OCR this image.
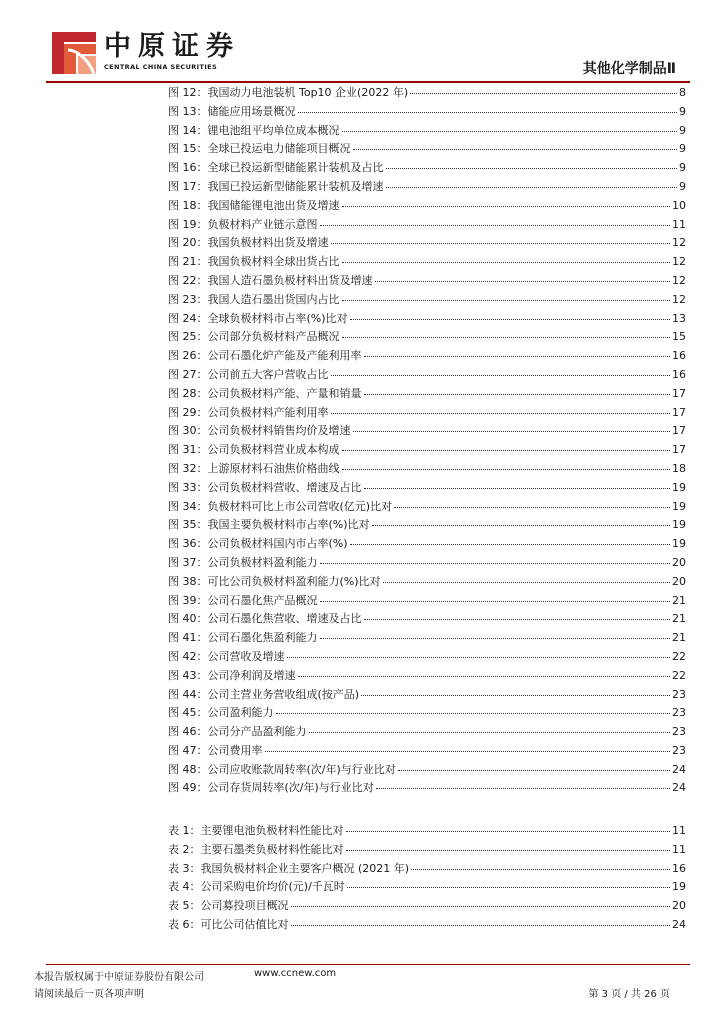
中原证券
CENTRAL CHINA SECURITIES	其他化学制品Ⅱ
图 12：我国动力电池装机 Top10 企业(2022 年)	8
图 13：储能应用场景概况	9
图 14：锂电池组平均单位成本概况	9
图 15：全球已投运电力储能项目概况	9
图 16：全球已投运新型储能累计装机及占比	9
图 17：我国已投运新型储能累计装机及增速	9
图 18：我国储能锂电池出货及增速	10
图 19：负极材料产业链示意图	11
图 20：我国负极材料出货及增速	12
图 21：我国负极材料全球出货占比	12
图 22：我国人造石墨负极材料出货及增速	12
图 23：我国人造石墨出货国内占比	12
图 24：全球负极材料市占率(%)比对	13
图 25：公司部分负极材料产品概况	15
图 26：公司石墨化炉产能及产能利用率	16
图 27：公司前五大客户营收占比	16
图 28：公司负极材料产能、产量和销量	17
图 29：公司负极材料产能利用率	17
图 30：公司负极材料销售均价及增速	17
图 31：公司负极材料营业成本构成	17
图 32：上游原材料石油焦价格曲线	18
图 33：公司负极材料营收、增速及占比	19
图 34：负极材料可比上市公司营收(亿元)比对	19
图 35：我国主要负极材料市占率(%)比对	19
图 36：公司负极材料国内市占率(%)	19
图 37：公司负极材料盈利能力	20
图 38：可比公司负极材料盈利能力(%)比对	20
图 39：公司石墨化焦产品概况	21
图 40：公司石墨化焦营收、增速及占比	21
图 41：公司石墨化焦盈利能力	21
图 42：公司营收及增速	22
图 43：公司净利润及增速	22
图 44：公司主营业务营收组成(按产品)	23
图 45：公司盈利能力	23
图 46：公司分产品盈利能力	23
图 47：公司费用率	23
图 48：公司应收账款周转率(次/年)与行业比对	24
图 49：公司存货周转率(次/年)与行业比对	24
表 1：主要锂电池负极材料性能比对	11
表 2：主要石墨类负极材料性能比对	11
表 3：我国负极材料企业主要客户概况 (2021 年)	16
表 4：公司采购电价均价(元)/千瓦时	19
表 5：公司募投项目概况	20
表 6：可比公司估值比对	24
本报告版权属于中原证券股份有限公司
请阅读最后一页各项声明
www.ccnew.com
第 3 页 / 共 26 页
